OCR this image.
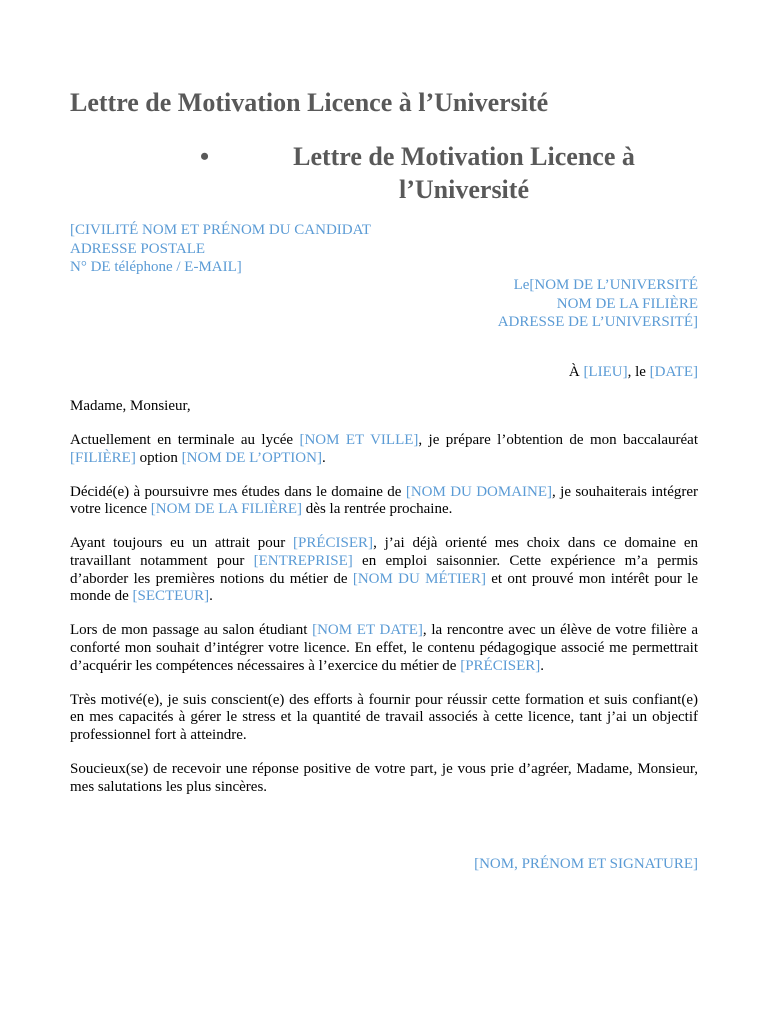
Lettre de Motivation Licence à l’Université
•	Lettre de Motivation Licence à l’Université
[CIVILITÉ NOM ET PRÉNOM DU CANDIDAT
ADRESSE POSTALE
N° DE téléphone / E-MAIL]
Le[NOM DE L’UNIVERSITÉ
NOM DE LA FILIÈRE
ADRESSE DE L’UNIVERSITÉ]
À [LIEU], le [DATE]

Madame, Monsieur,

Actuellement en terminale au lycée [NOM ET VILLE], je prépare l’obtention de mon baccalauréat [FILIÈRE] option [NOM DE L’OPTION].

Décidé(e) à poursuivre mes études dans le domaine de [NOM DU DOMAINE], je souhaiterais intégrer votre licence [NOM DE LA FILIÈRE] dès la rentrée prochaine.

Ayant toujours eu un attrait pour [PRÉCISER], j’ai déjà orienté mes choix dans ce domaine en travaillant notamment pour [ENTREPRISE] en emploi saisonnier. Cette expérience m’a permis d’aborder les premières notions du métier de [NOM DU MÉTIER] et ont prouvé mon intérêt pour le monde de [SECTEUR].

Lors de mon passage au salon étudiant [NOM ET DATE], la rencontre avec un élève de votre filière a conforté mon souhait d’intégrer votre licence. En effet, le contenu pédagogique associé me permettrait d’acquérir les compétences nécessaires à l’exercice du métier de [PRÉCISER].

Très motivé(e), je suis conscient(e) des efforts à fournir pour réussir cette formation et suis confiant(e) en mes capacités à gérer le stress et la quantité de travail associés à cette licence, tant j’ai un objectif professionnel fort à atteindre.

Soucieux(se) de recevoir une réponse positive de votre part, je vous prie d’agréer, Madame, Monsieur, mes salutations les plus sincères.

[NOM, PRÉNOM ET SIGNATURE]
